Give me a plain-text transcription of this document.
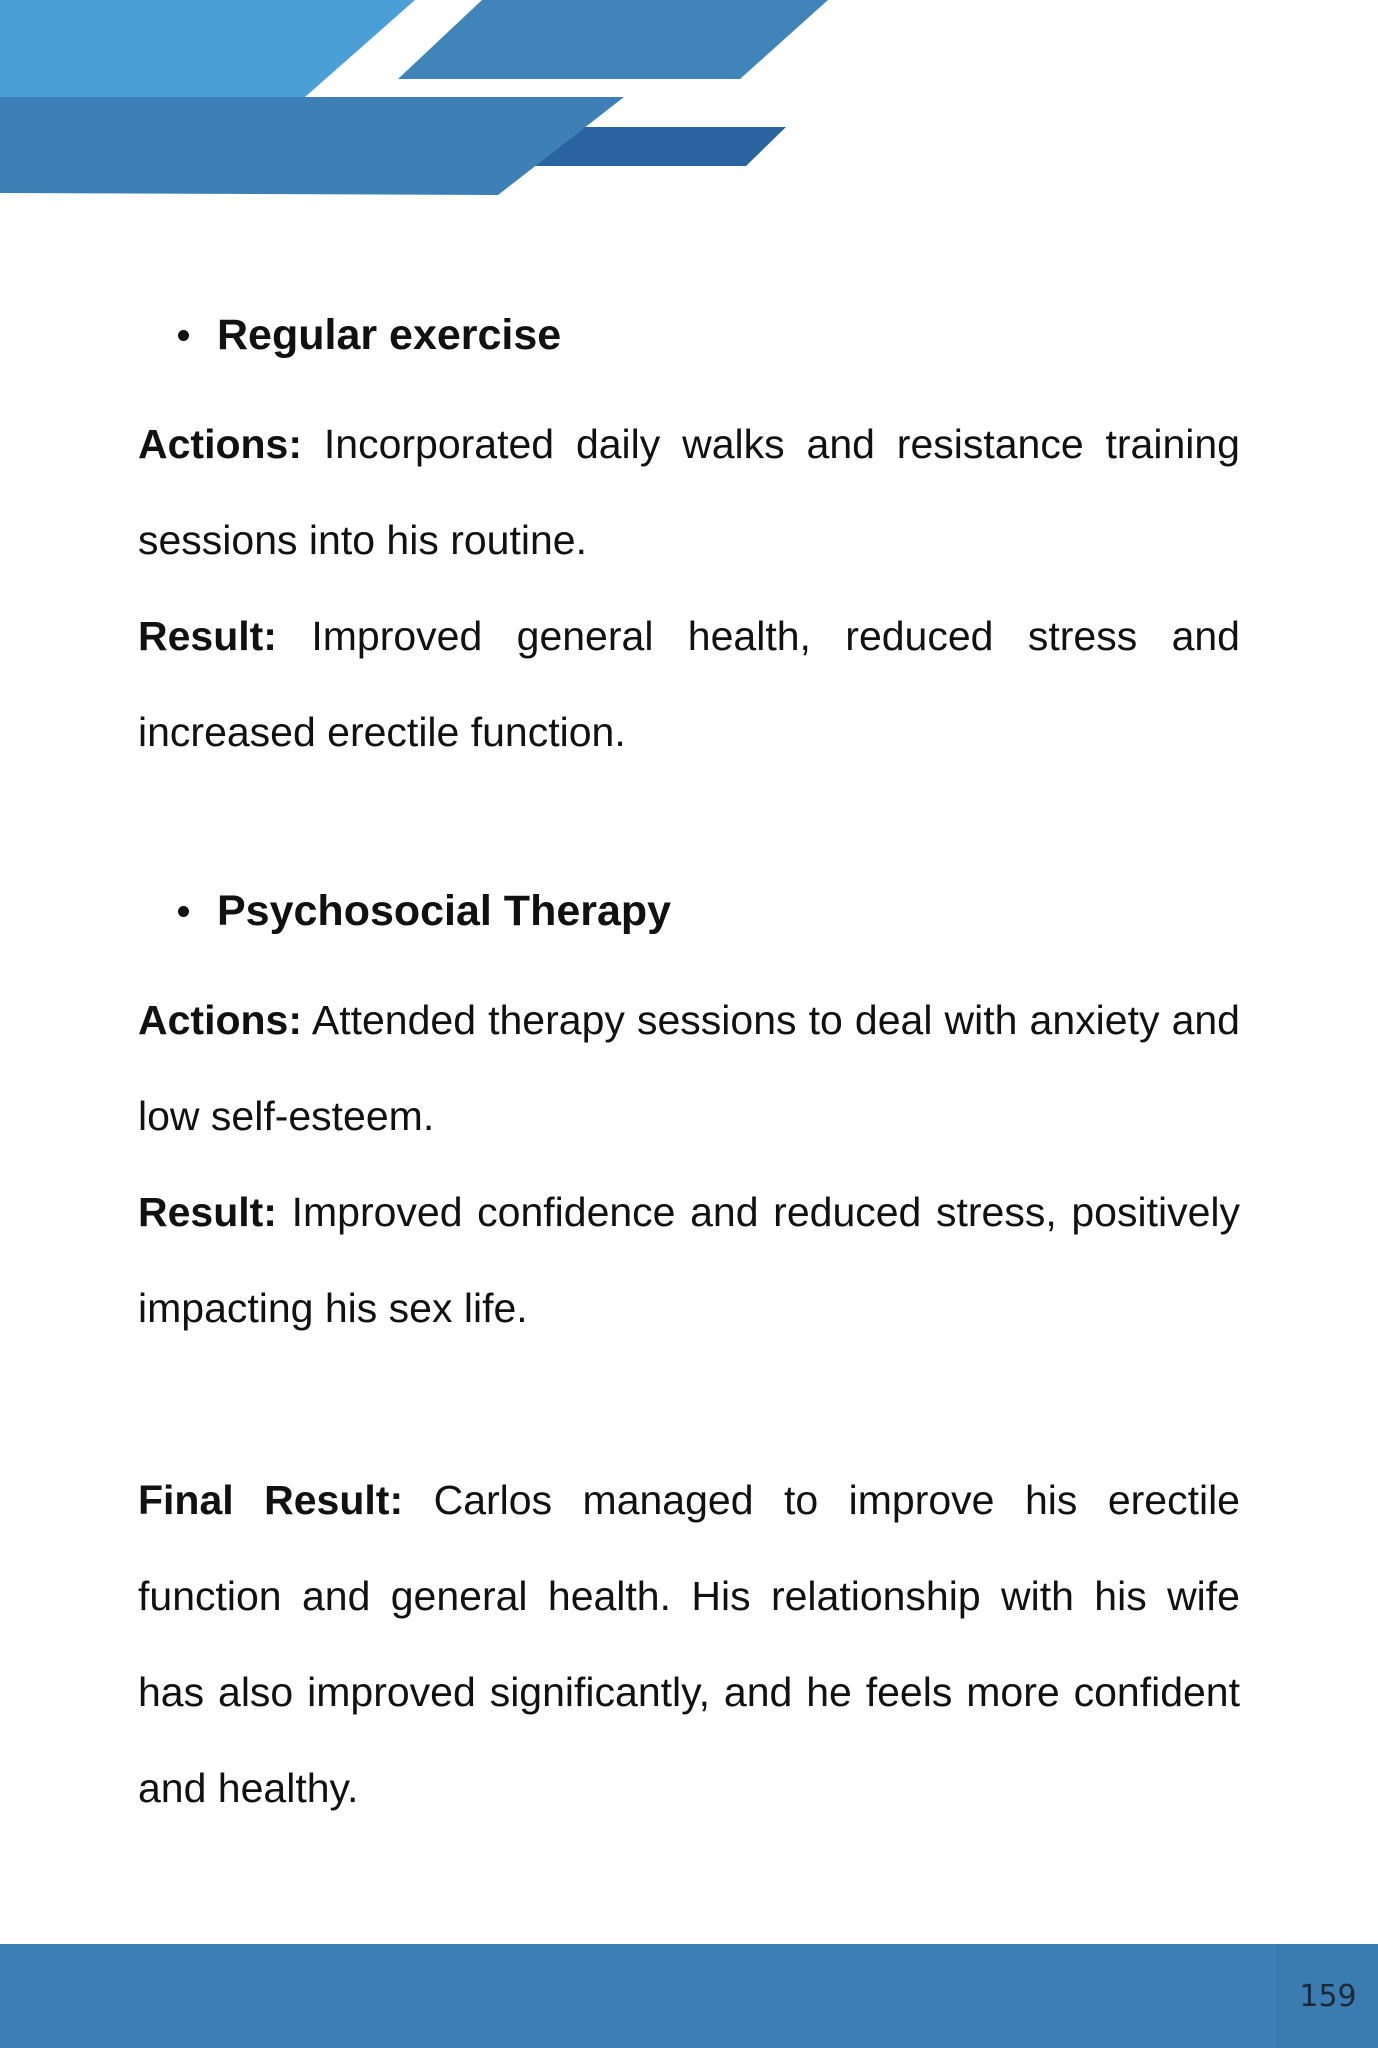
Regular exercise

Actions: Incorporated daily walks and resistance training sessions into his routine.

Result: Improved general health, reduced stress and increased erectile function.

Psychosocial Therapy

Actions: Attended therapy sessions to deal with anxiety and low self-esteem.

Result: Improved confidence and reduced stress, positively impacting his sex life.

Final Result: Carlos managed to improve his erectile function and general health. His relationship with his wife has also improved significantly, and he feels more confident and healthy.

159
